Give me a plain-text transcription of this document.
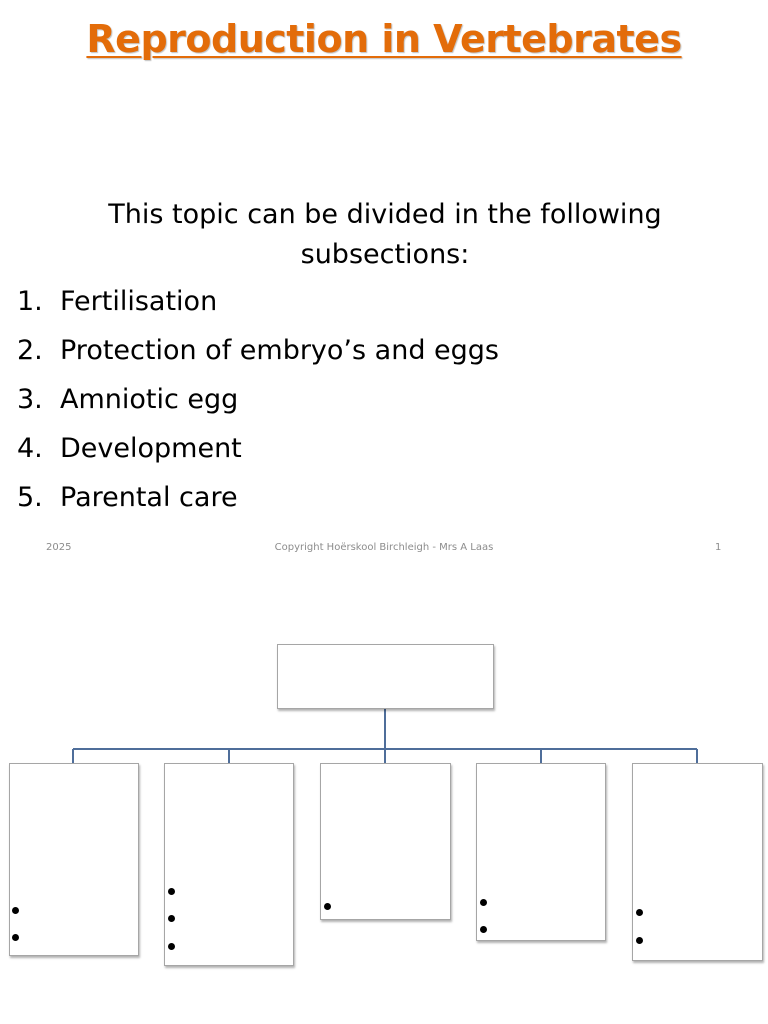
Reproduction in Vertebrates

This topic can be divided in the following subsections:

1. Fertilisation
2. Protection of embryo’s and eggs
3. Amniotic egg
4. Development
5. Parental care
2025	Copyright Hoërskool Birchleigh - Mrs A Laas	1
